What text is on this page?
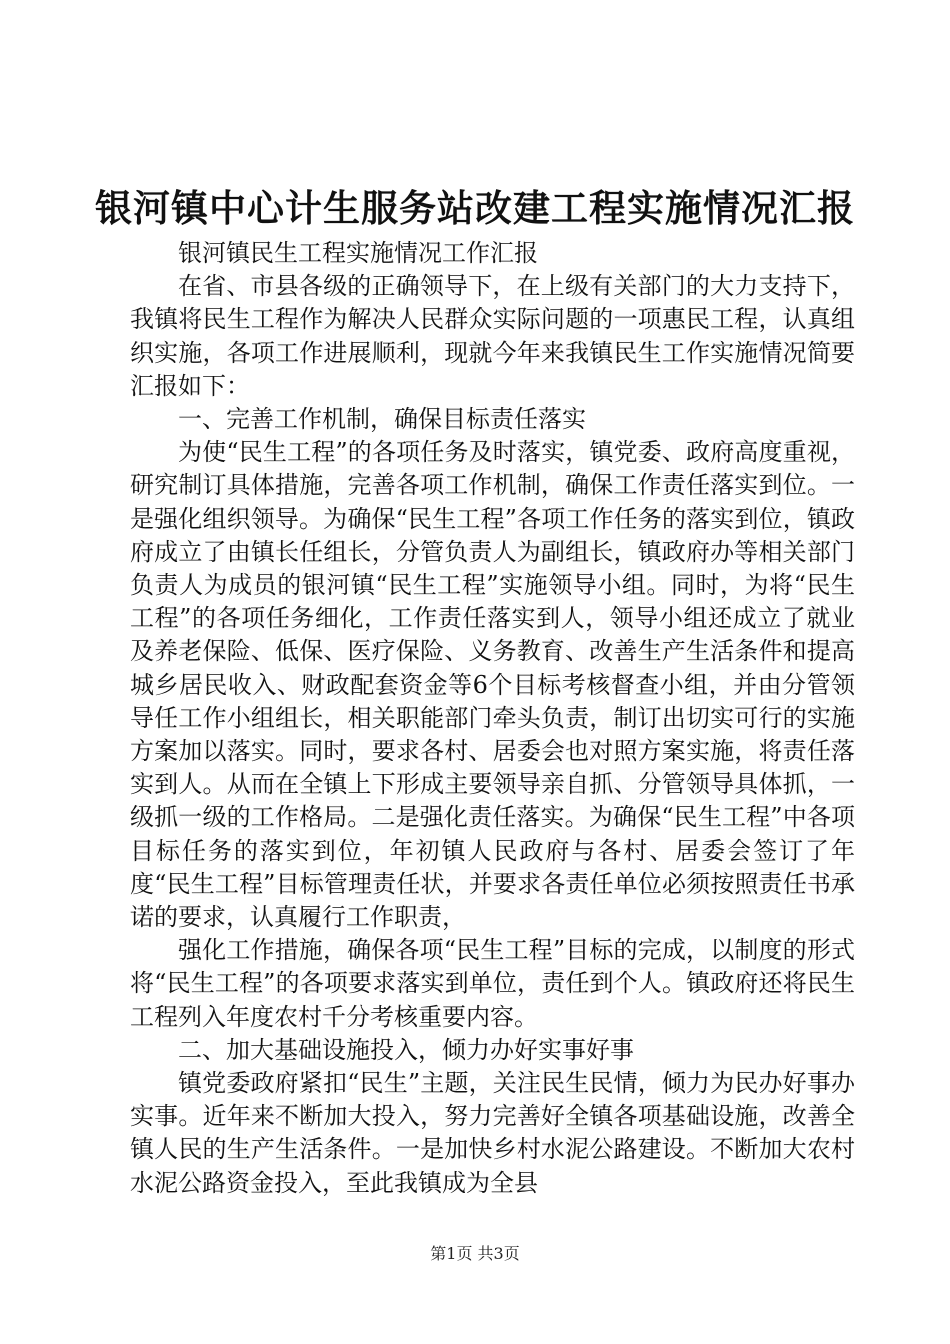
银河镇中心计生服务站改建工程实施情况汇报

银河镇民生工程实施情况工作汇报

在省、市县各级的正确领导下，在上级有关部门的大力支持下，我镇将民生工程作为解决人民群众实际问题的一项惠民工程，认真组织实施，各项工作进展顺利，现就今年来我镇民生工作实施情况简要汇报如下：

一、完善工作机制，确保目标责任落实

为使“民生工程”的各项任务及时落实，镇党委、政府高度重视，研究制订具体措施，完善各项工作机制，确保工作责任落实到位。一是强化组织领导。为确保“民生工程”各项工作任务的落实到位，镇政府成立了由镇长任组长，分管负责人为副组长，镇政府办等相关部门负责人为成员的银河镇“民生工程”实施领导小组。同时，为将“民生工程”的各项任务细化，工作责任落实到人，领导小组还成立了就业及养老保险、低保、医疗保险、义务教育、改善生产生活条件和提高城乡居民收入、财政配套资金等6个目标考核督查小组，并由分管领导任工作小组组长，相关职能部门牵头负责，制订出切实可行的实施方案加以落实。同时，要求各村、居委会也对照方案实施，将责任落实到人。从而在全镇上下形成主要领导亲自抓、分管领导具体抓，一级抓一级的工作格局。二是强化责任落实。为确保“民生工程”中各项目标任务的落实到位，年初镇人民政府与各村、居委会签订了年度“民生工程”目标管理责任状，并要求各责任单位必须按照责任书承诺的要求，认真履行工作职责，

强化工作措施，确保各项“民生工程”目标的完成，以制度的形式将“民生工程”的各项要求落实到单位，责任到个人。镇政府还将民生工程列入年度农村千分考核重要内容。

二、加大基础设施投入，倾力办好实事好事

镇党委政府紧扣“民生”主题，关注民生民情，倾力为民办好事办实事。近年来不断加大投入，努力完善好全镇各项基础设施，改善全镇人民的生产生活条件。一是加快乡村水泥公路建设。不断加大农村水泥公路资金投入，至此我镇成为全县

第1页 共3页
